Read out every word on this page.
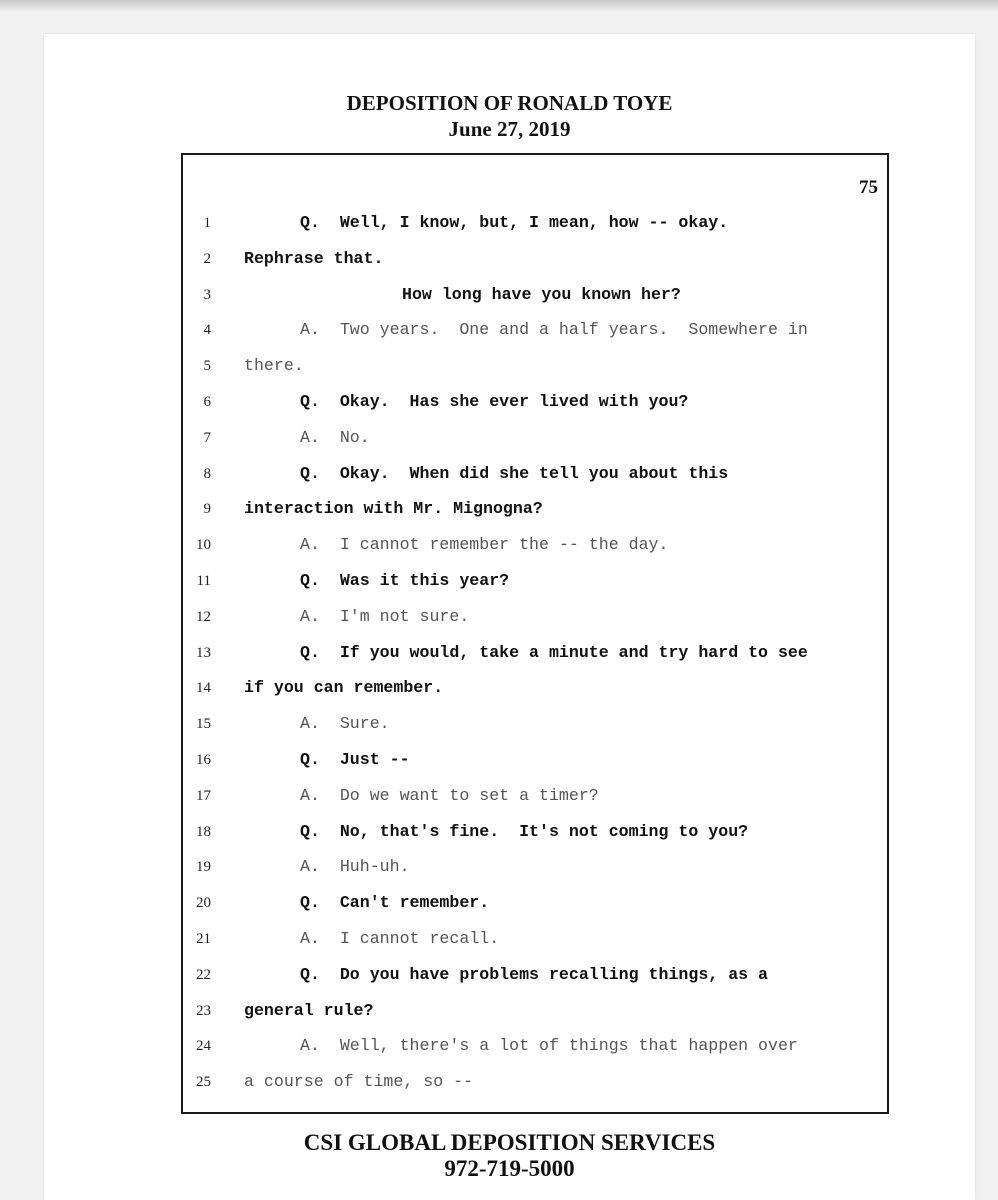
DEPOSITION OF RONALD TOYE
June 27, 2019
75
1	Q.  Well, I know, but, I mean, how -- okay.
2 Rephrase that.
3	How long have you known her?
4	A.  Two years.  One and a half years.  Somewhere in
5 there.
6	Q.  Okay.  Has she ever lived with you?
7	A.  No.
8	Q.  Okay.  When did she tell you about this
9 interaction with Mr. Mignogna?
10	A.  I cannot remember the -- the day.
11	Q.  Was it this year?
12	A.  I'm not sure.
13	Q.  If you would, take a minute and try hard to see
14 if you can remember.
15	A.  Sure.
16	Q.  Just --
17	A.  Do we want to set a timer?
18	Q.  No, that's fine.  It's not coming to you?
19	A.  Huh-uh.
20	Q.  Can't remember.
21	A.  I cannot recall.
22	Q.  Do you have problems recalling things, as a
23 general rule?
24	A.  Well, there's a lot of things that happen over
25 a course of time, so --
CSI GLOBAL DEPOSITION SERVICES
972-719-5000
